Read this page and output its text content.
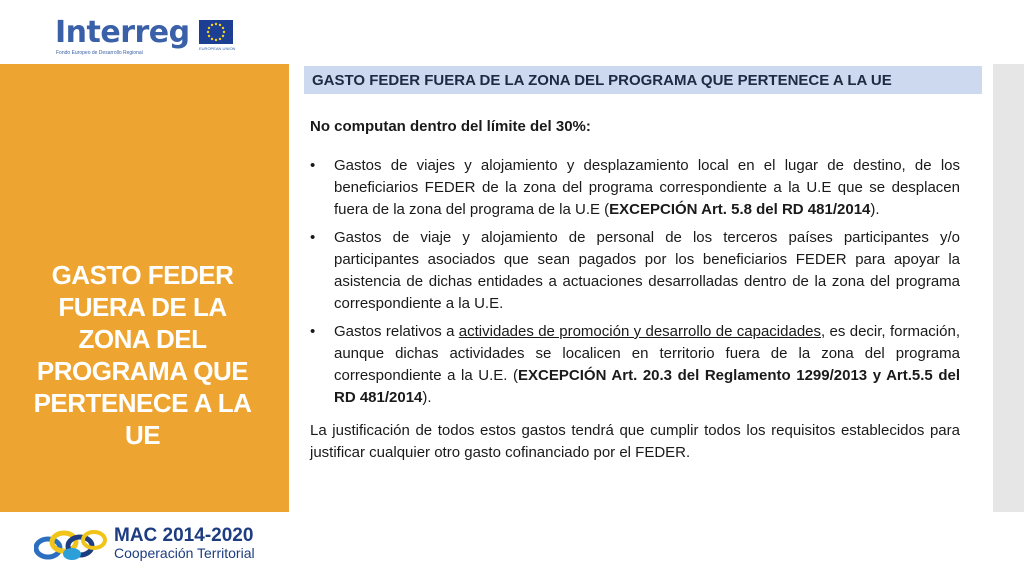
Interreg
Fondo Europeo de Desarrollo Regional
EUROPEAN UNION
GASTO FEDER FUERA DE LA ZONA DEL PROGRAMA QUE PERTENECE A LA UE
GASTO FEDER FUERA DE LA ZONA DEL PROGRAMA QUE PERTENECE A LA UE

No computan dentro del límite del 30%:

• Gastos de viajes y alojamiento y desplazamiento local en el lugar de destino, de los beneficiarios FEDER de la zona del programa correspondiente a la U.E que se desplacen fuera de la zona del programa de la U.E (EXCEPCIÓN Art. 5.8 del RD 481/2014).
• Gastos de viaje y alojamiento de personal de los terceros países participantes y/o participantes asociados que sean pagados por los beneficiarios FEDER para apoyar la asistencia de dichas entidades a actuaciones desarrolladas dentro de la zona del programa correspondiente a la U.E.
• Gastos relativos a actividades de promoción y desarrollo de capacidades, es decir, formación, aunque dichas actividades se localicen en territorio fuera de la zona del programa correspondiente a la U.E. (EXCEPCIÓN Art. 20.3 del Reglamento 1299/2013 y Art.5.5 del RD 481/2014).

La justificación de todos estos gastos tendrá que cumplir todos los requisitos establecidos para justificar cualquier otro gasto cofinanciado por el FEDER.

MAC 2014-2020
Cooperación Territorial
